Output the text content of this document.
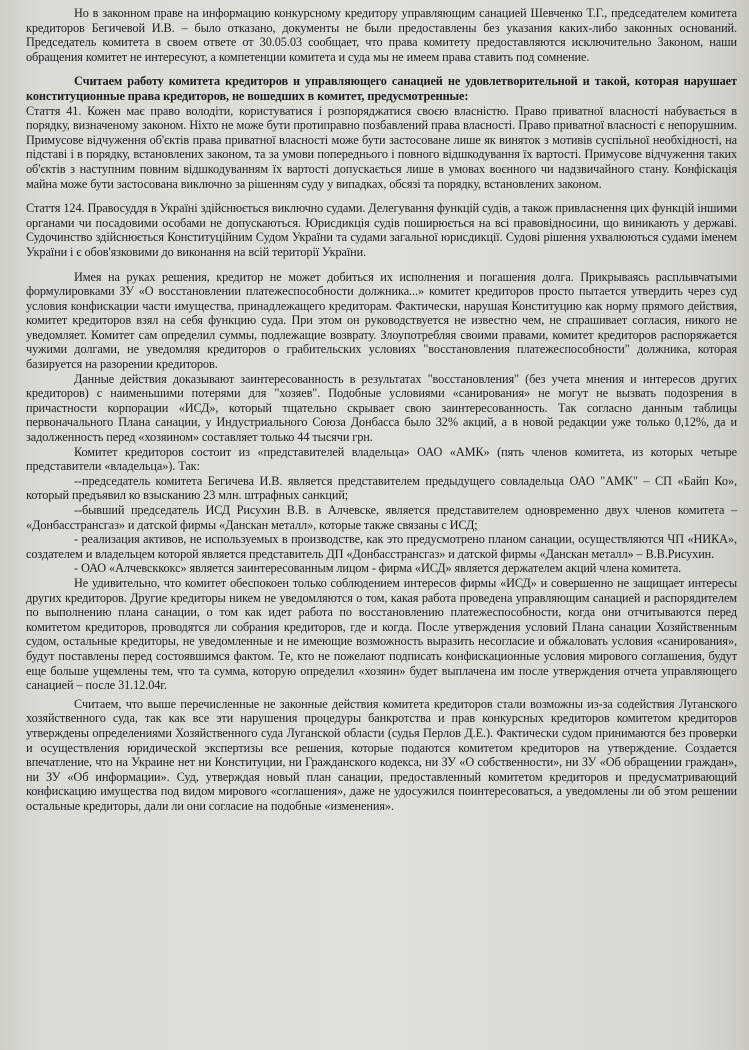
Но в законном праве на информацию конкурсному кредитору управляющим санацией Шевченко Т.Г., председателем комитета кредиторов Бегичевой И.В. – было отказано, документы не были предоставлены без указания каких-либо законных оснований. Председатель комитета в своем ответе от 30.05.03 сообщает, что права комитету предоставляются исключительно Законом, наши обращения комитет не интересуют, а компетенции комитета и суда мы не имеем права ставить под сомнение.

Считаем работу комитета кредиторов и управляющего санацией не удовлетворительной и такой, которая нарушает конституционные права кредиторов, не вошедших в комитет, предусмотренные:

Стаття 41. Кожен має право володіти, користуватися і розпоряджатися своєю власністю. Право приватної власності набувається в порядку, визначеному законом. Ніхто не може бути протиправно позбавлений права власності. Право приватної власності є непорушним. Примусове відчуження об'єктів права приватної власності може бути застосоване лише як виняток з мотивів суспільної необхідності, на підставі і в порядку, встановлених законом, та за умови попереднього і повного відшкодування їх вартості. Примусове відчуження таких об'єктів з наступним повним відшкодуванням їх вартості допускається лише в умовах воєнного чи надзвичайного стану. Конфіскація майна може бути застосована виключно за рішенням суду у випадках, обсязі та порядку, встановлених законом.

Стаття 124. Правосуддя в Україні здійснюється виключно судами. Делегування функцій судів, а також привласнення цих функцій іншими органами чи посадовими особами не допускаються. Юрисдикція судів поширюється на всі правовідносини, що виникають у державі. Судочинство здійснюється Конституційним Судом України та судами загальної юрисдикції. Судові рішення ухвалюються судами іменем України і є обов'язковими до виконання на всій території України.

Имея на руках решения, кредитор не может добиться их исполнения и погашения долга. Прикрываясь расплывчатыми формулировками ЗУ «О восстановлении платежеспособности должника...» комитет кредиторов просто пытается утвердить через суд условия конфискации части имущества, принадлежащего кредиторам. Фактически, нарушая Конституцию как норму прямого действия, комитет кредиторов взял на себя функцию суда. При этом он руководствуется не известно чем, не спрашивает согласия, никого не уведомляет. Комитет сам определил суммы, подлежащие возврату. Злоупотребляя своими правами, комитет кредиторов распоряжается чужими долгами, не уведомляя кредиторов о грабительских условиях "восстановления платежеспособности" должника, которая базируется на разорении кредиторов.

Данные действия доказывают заинтересованность в результатах "восстановления" (без учета мнения и интересов других кредиторов) с наименьшими потерями для "хозяев". Подобные условиями «санирования» не могут не вызвать подозрения в причастности корпорации «ИСД», который тщательно скрывает свою заинтересованность. Так согласно данным таблицы первоначального Плана санации, у Индустриального Союза Донбасса было 32% акций, а в новой редакции уже только 0,12%, да и задолженность перед «хозяином» составляет только 44 тысячи грн.

Комитет кредиторов состоит из «представителей владельца» ОАО «АМК» (пять членов комитета, из которых четыре представители «владельца»). Так:

--председатель комитета Бегичева И.В. является представителем предыдущего совладельца ОАО "АМК" – СП «Байп Ко», который предъявил ко взысканию 23 млн. штрафных санкций;

--бывший председатель ИСД Рисухин В.В. в Алчевске, является представителем одновременно двух членов комитета – «Донбасстрансгаз» и датской фирмы «Данскан металл», которые также связаны с ИСД;

- реализация активов, не используемых в производстве, как это предусмотрено планом санации, осуществляются ЧП «НИКА», создателем и владельцем которой является представитель ДП «Донбасстрансгаз» и датской фирмы «Данскан металл» – В.В.Рисухин.

- ОАО «Алчевсккокс» является заинтересованным лицом - фирма «ИСД» является держателем акций члена комитета.

Не удивительно, что комитет обеспокоен только соблюдением интересов фирмы «ИСД» и совершенно не защищает интересы других кредиторов. Другие кредиторы никем не уведомляются о том, какая работа проведена управляющим санацией и распорядителем по выполнению плана санации, о том как идет работа по восстановлению платежеспособности, когда они отчитываются перед комитетом кредиторов, проводятся ли собрания кредиторов, где и когда. После утверждения условий Плана санации Хозяйственным судом, остальные кредиторы, не уведомленные и не имеющие возможность выразить несогласие и обжаловать условия «санирования», будут поставлены перед состоявшимся фактом. Те, кто не пожелают подписать конфискационные условия мирового соглашения, будут еще больше ущемлены тем, что та сумма, которую определил «хозяин» будет выплачена им после утверждения отчета управляющего санацией – после 31.12.04г.

Считаем, что выше перечисленные не законные действия комитета кредиторов стали возможны из-за содействия Луганского хозяйственного суда, так как все эти нарушения процедуры банкротства и прав конкурсных кредиторов комитетом кредиторов утверждены определениями Хозяйственного суда Луганской области (судья Перлов Д.Е.). Фактически судом принимаются без проверки и осуществления юридической экспертизы все решения, которые подаются комитетом кредиторов на утверждение. Создается впечатление, что на Украине нет ни Конституции, ни Гражданского кодекса, ни ЗУ «О собственности», ни ЗУ «Об обращении граждан», ни ЗУ «Об информации». Суд, утверждая новый план санации, предоставленный комитетом кредиторов и предусматривающий конфискацию имущества под видом мирового «соглашения», даже не удосужился поинтересоваться, а уведомлены ли об этом решении остальные кредиторы, дали ли они согласие на подобные «изменения».
